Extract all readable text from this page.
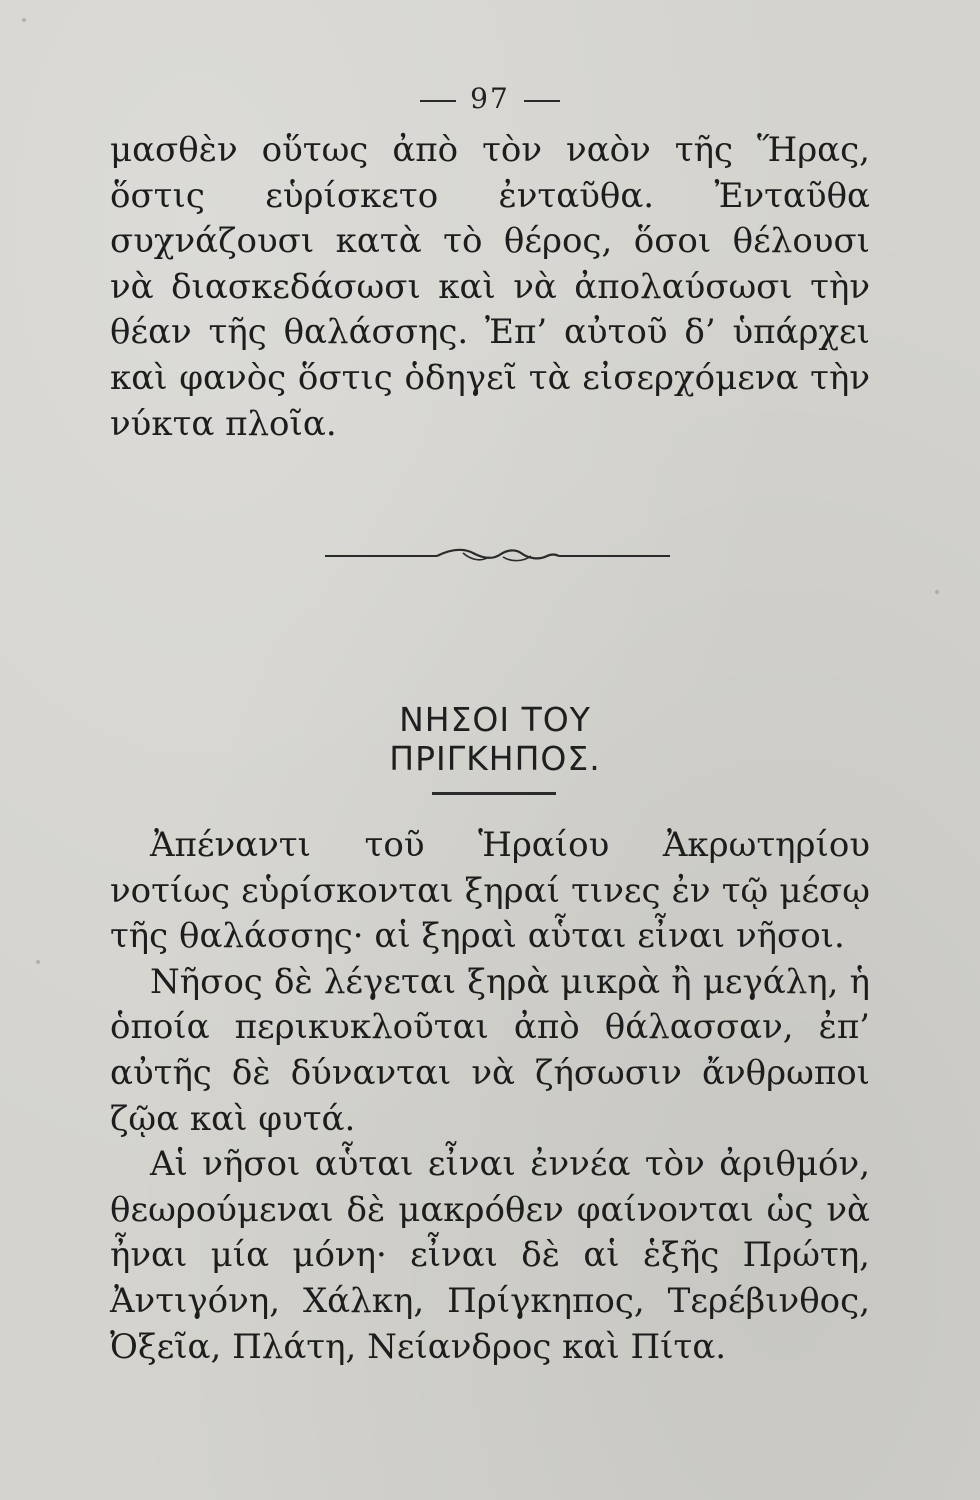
97

μασθὲν οὕτως ἀπὸ τὸν ναὸν τῆς Ἥρας, ὅστις εὑρίσκετο ἐνταῦθα. Ἐνταῦθα συχνάζουσι κατὰ τὸ θέρος, ὅσοι θέλουσι νὰ διασκεδάσωσι καὶ νὰ ἀπολαύσωσι τὴν θέαν τῆς θαλάσσης. Ἐπ’ αὐτοῦ δ’ ὑπάρχει καὶ φανὸς ὅστις ὁδηγεῖ τὰ εἰσερχόμενα τὴν νύκτα πλοῖα.

ΝΗΣΟΙ ΤΟΥ ΠΡΙΓΚΗΠΟΣ.

Ἀπέναντι τοῦ Ἡραίου Ἀκρωτηρίου νοτίως εὑρίσκονται ξηραί τινες ἐν τῷ μέσῳ τῆς θαλάσσης· αἱ ξηραὶ αὗται εἶναι νῆσοι.

Νῆσος δὲ λέγεται ξηρὰ μικρὰ ἢ μεγάλη, ἡ ὁποία περικυκλοῦται ἀπὸ θάλασσαν, ἐπ’ αὐτῆς δὲ δύνανται νὰ ζήσωσιν ἄνθρωποι ζῷα καὶ φυτά.

Αἱ νῆσοι αὗται εἶναι ἐννέα τὸν ἀριθμόν, θεωρούμεναι δὲ μακρόθεν φαίνονται ὡς νὰ ἦναι μία μόνη· εἶναι δὲ αἱ ἑξῆς Πρώτη, Ἀντιγόνη, Χάλκη, Πρίγκηπος, Τερέβινθος, Ὀξεῖα, Πλάτη, Νείανδρος καὶ Πίτα.
